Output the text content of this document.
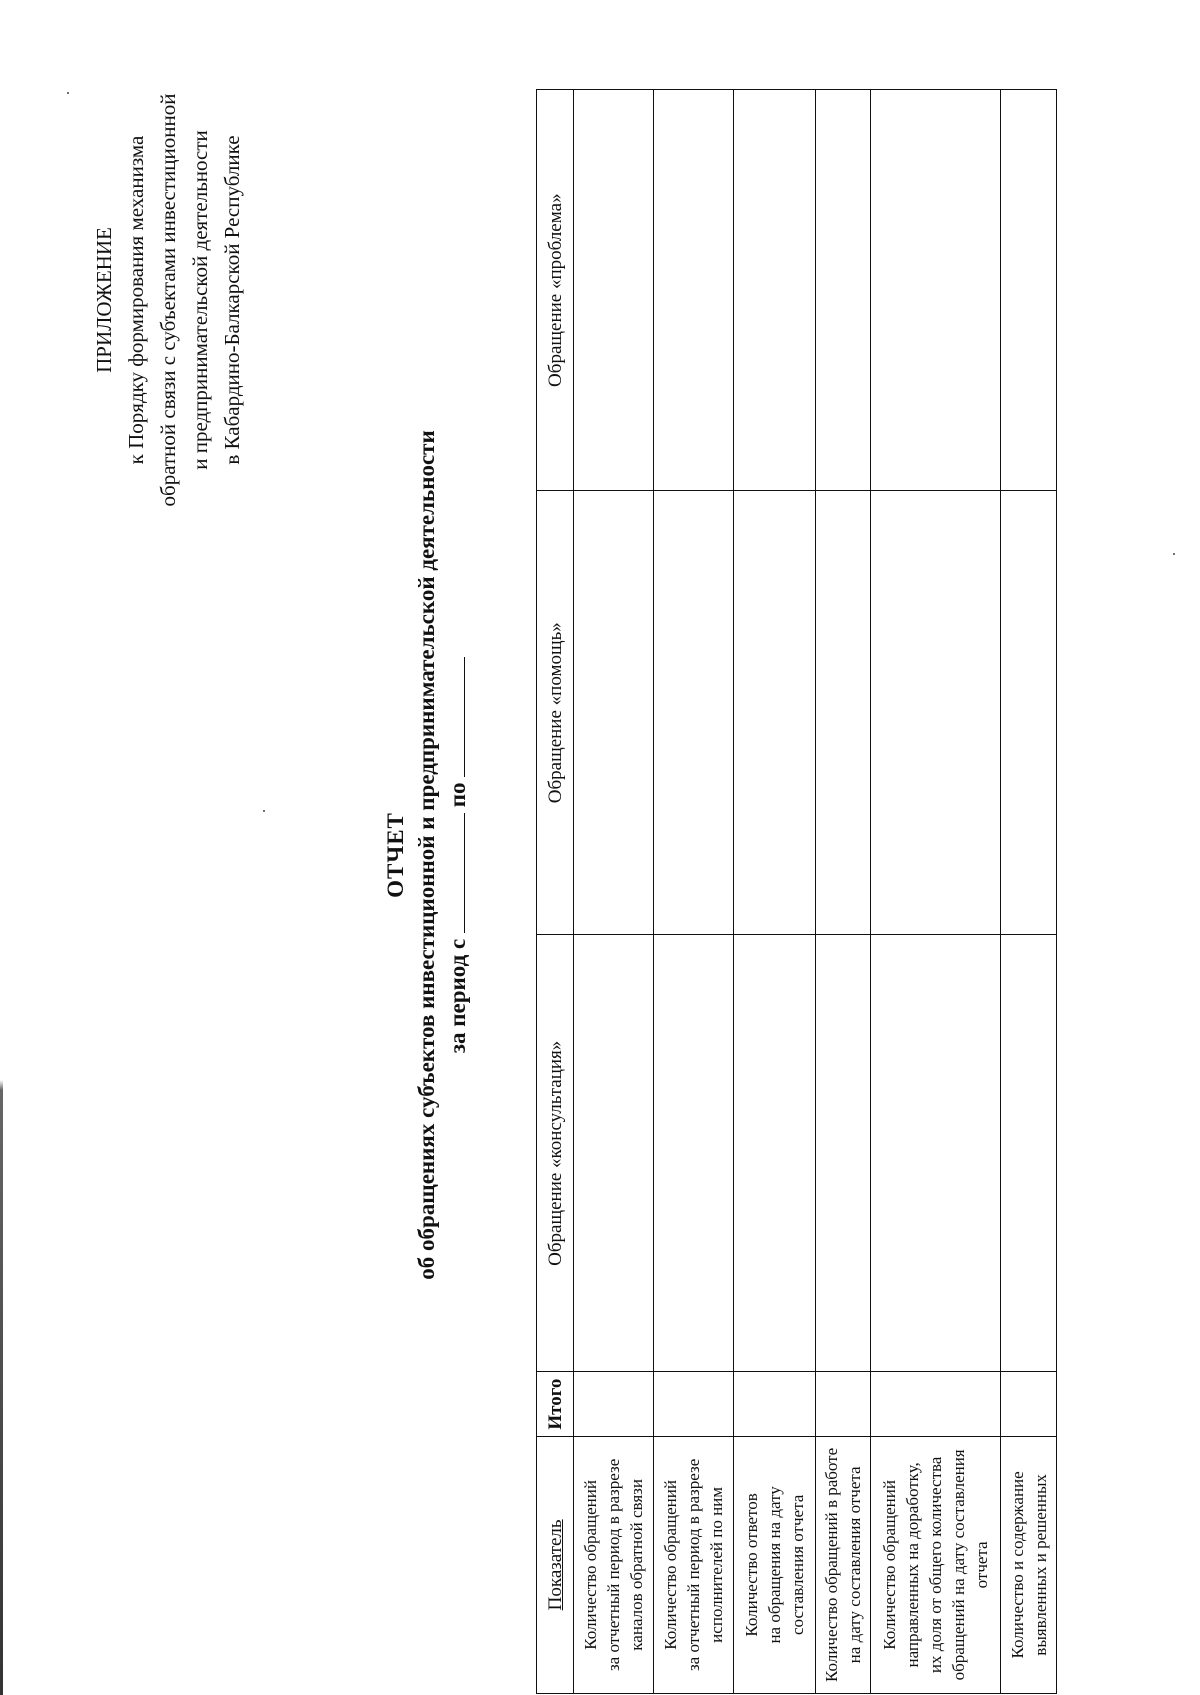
ПРИЛОЖЕНИЕ к Порядку формирования механизма обратной связи с субъектами инвестиционной и предпринимательской деятельности в Кабардино-Балкарской Республике
ОТЧЕТ об обращениях субъектов инвестиционной и предпринимательской деятельности за период с  по
Показатель	Итого	Обращение «консультация»	Обращение «помощь»	Обращение «проблема»

Количество обращений за отчетный период в разрезе каналов обратной связи				

Количество обращений за отчетный период в разрезе исполнителей по ним				

Количество ответов на обращения на дату составления отчета				

Количество обращений в работе на дату составления отчета				

Количество обращений направленных на доработку, их доля от общего количества обращений на дату составления отчета				

Количество и содержание выявленных и решенных				
